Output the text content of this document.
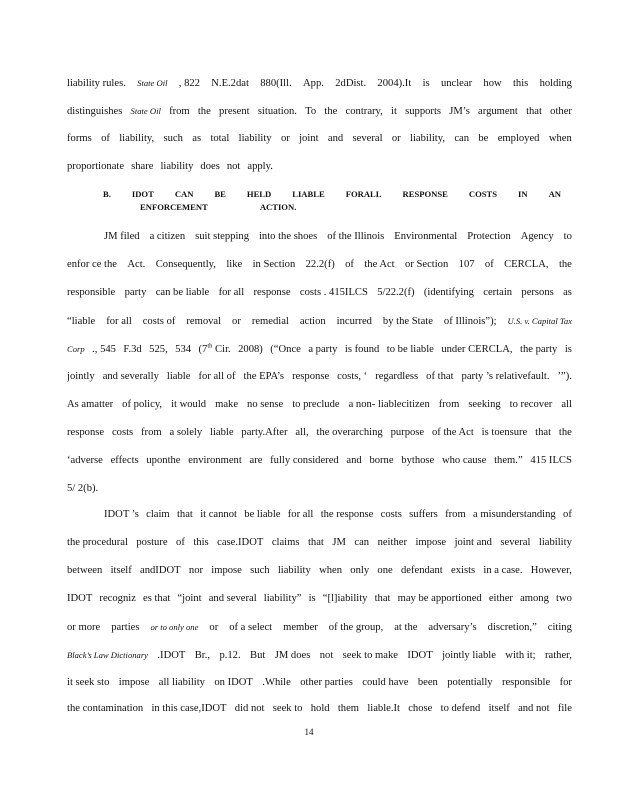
liability rules. State Oil , 822 N.E.2dat 880(Ill. App. 2dDist. 2004).It is unclear how this holding
distinguishes State Oil from the present situation. To the contrary, it supports JM’s argument that other
forms of liability, such as total liability or joint and several or liability, can be employed when
proportionate share liability does not apply.
B. IDOT CAN BE HELD LIABLE FORALL RESPONSE COSTS IN AN
ENFORCEMENT	ACTION.
JM filed a citizen suit stepping into the shoes of the Illinois Environmental Protection Agency to
enfor ce the Act. Consequently, like in Section 22.2(f) of the Act or Section 107 of CERCLA, the
responsible party can be liable for all response costs . 415ILCS 5/22.2(f) (identifying certain persons as
“liable for all costs of removal or remedial action incurred by the State of Illinois”); U.S. v. Capital Tax
Corp ., 545 F.3d 525, 534 (7th Cir. 2008) (“Once a party is found to be liable under CERCLA, the party is
jointly and severally liable for all of the EPA’s response costs, ‘ regardless of that party ’s relativefault. ’”).
As amatter of policy, it would make no sense to preclude a non- liablecitizen from seeking to recover all
response costs from a solely liable party.After all, the overarching purpose of the Act is toensure that the
‘adverse effects uponthe environment are fully considered and borne bythose who cause them.” 415 ILCS
5/ 2(b).
IDOT ’s claim that it cannot be liable for all the response costs suffers from a misunderstanding of
the procedural posture of this case.IDOT claims that JM can neither impose joint and several liability
between itself andIDOT nor impose such liability when only one defendant exists in a case. However,
IDOT recogniz es that “joint and several liability” is “[l]iability that may be apportioned either among two
or more parties or to only one or of a select member of the group, at the adversary’s discretion,” citing
Black’s Law Dictionary .IDOT Br., p.12. But JM does not seek to make IDOT jointly liable with it; rather,
it seek sto impose all liability on IDOT .While other parties could have been potentially responsible for
the contamination in this case,IDOT did not seek to hold them liable.It chose to defend itself and not file
14
